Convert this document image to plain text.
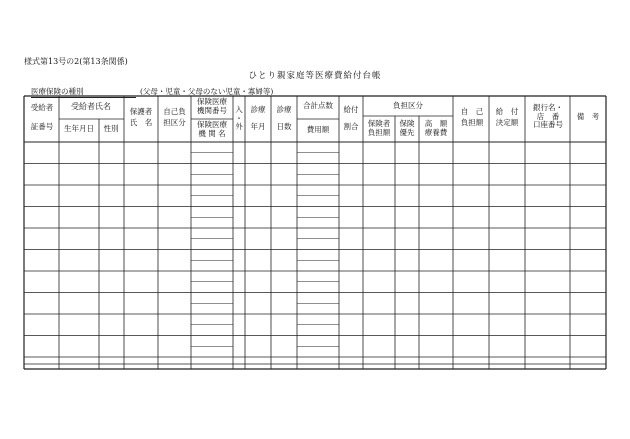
様式第13号の2(第13条関係)
ひとり親家庭等医療費給付台帳
医療保険の種別	(父母・児童・父母のない児童・寡婦等)
受給者
証番号
受給者氏名
生年月日	性別
保護者
氏　名
自己負
担区分
保険医療
機関番号
保険医療
機 関 名
入
・
外
診療
年月
診療
日数
合計点数
費用額
給付
割合
負担区分
保険者
負担額
保険
優先
高　額
療養費
自　己
負担額
給　付
決定額
銀行名・
店　番
口座番号
備　考
